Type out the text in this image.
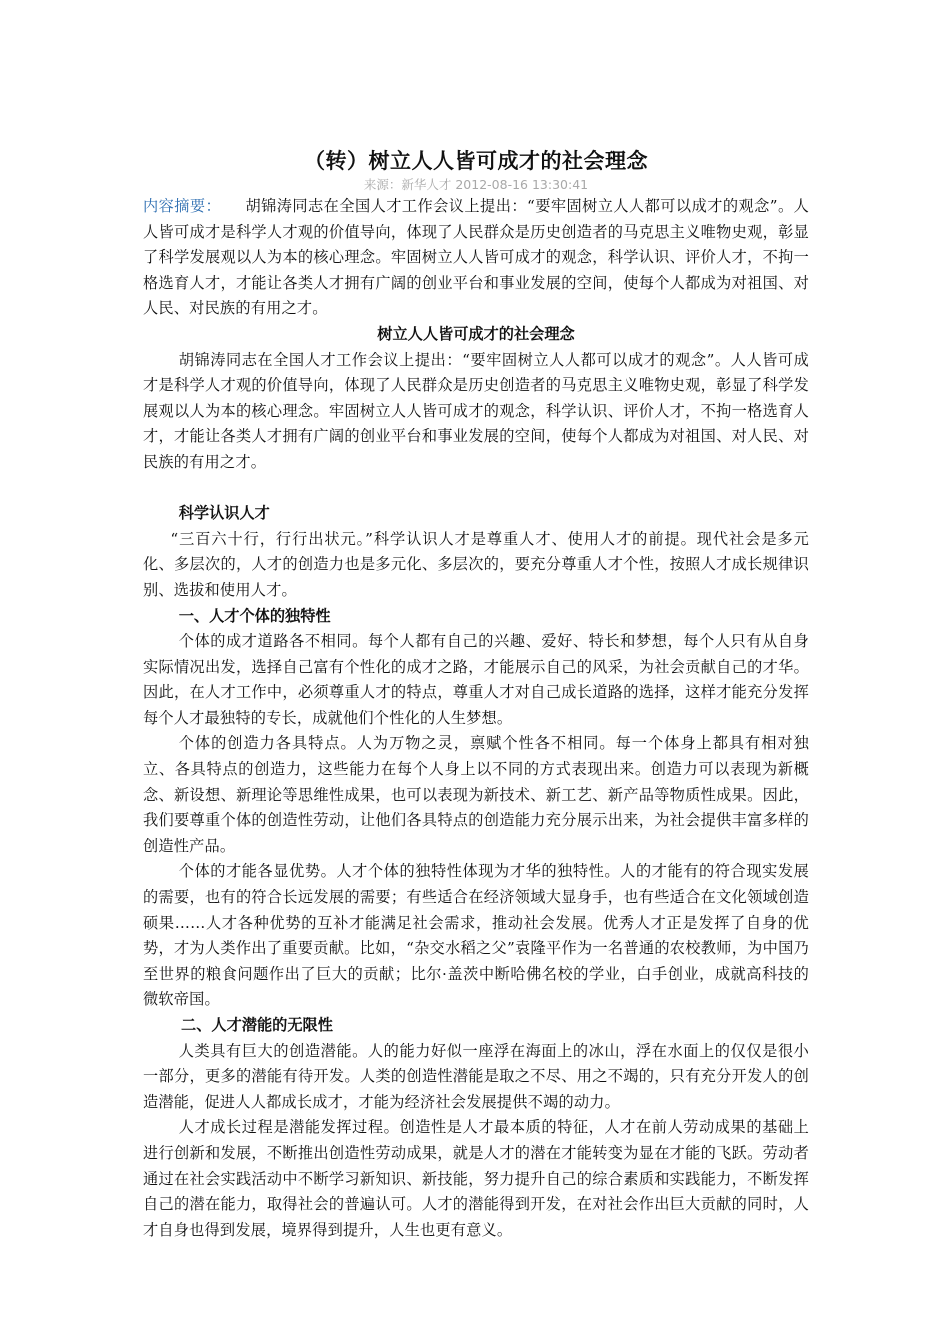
（转）树立人人皆可成才的社会理念

来源：新华人才 2012-08-16 13:30:41

内容摘要： 胡锦涛同志在全国人才工作会议上提出：“要牢固树立人人都可以成才的观念”。人人皆可成才是科学人才观的价值导向，体现了人民群众是历史创造者的马克思主义唯物史观，彰显了科学发展观以人为本的核心理念。牢固树立人人皆可成才的观念，科学认识、评价人才，不拘一格选育人才，才能让各类人才拥有广阔的创业平台和事业发展的空间，使每个人都成为对祖国、对人民、对民族的有用之才。

树立人人皆可成才的社会理念

胡锦涛同志在全国人才工作会议上提出：“要牢固树立人人都可以成才的观念”。人人皆可成才是科学人才观的价值导向，体现了人民群众是历史创造者的马克思主义唯物史观，彰显了科学发展观以人为本的核心理念。牢固树立人人皆可成才的观念，科学认识、评价人才，不拘一格选育人才，才能让各类人才拥有广阔的创业平台和事业发展的空间，使每个人都成为对祖国、对人民、对民族的有用之才。

科学认识人才

“三百六十行，行行出状元。”科学认识人才是尊重人才、使用人才的前提。现代社会是多元化、多层次的，人才的创造力也是多元化、多层次的，要充分尊重人才个性，按照人才成长规律识别、选拔和使用人才。

一、人才个体的独特性

个体的成才道路各不相同。每个人都有自己的兴趣、爱好、特长和梦想，每个人只有从自身实际情况出发，选择自己富有个性化的成才之路，才能展示自己的风采，为社会贡献自己的才华。因此，在人才工作中，必须尊重人才的特点，尊重人才对自己成长道路的选择，这样才能充分发挥每个人才最独特的专长，成就他们个性化的人生梦想。

个体的创造力各具特点。人为万物之灵，禀赋个性各不相同。每一个体身上都具有相对独立、各具特点的创造力，这些能力在每个人身上以不同的方式表现出来。创造力可以表现为新概念、新设想、新理论等思维性成果，也可以表现为新技术、新工艺、新产品等物质性成果。因此，我们要尊重个体的创造性劳动，让他们各具特点的创造能力充分展示出来，为社会提供丰富多样的创造性产品。

个体的才能各显优势。人才个体的独特性体现为才华的独特性。人的才能有的符合现实发展的需要，也有的符合长远发展的需要；有些适合在经济领域大显身手，也有些适合在文化领域创造硕果……人才各种优势的互补才能满足社会需求，推动社会发展。优秀人才正是发挥了自身的优势，才为人类作出了重要贡献。比如，“杂交水稻之父”袁隆平作为一名普通的农校教师，为中国乃至世界的粮食问题作出了巨大的贡献；比尔·盖茨中断哈佛名校的学业，白手创业，成就高科技的微软帝国。

二、人才潜能的无限性

人类具有巨大的创造潜能。人的能力好似一座浮在海面上的冰山，浮在水面上的仅仅是很小一部分，更多的潜能有待开发。人类的创造性潜能是取之不尽、用之不竭的，只有充分开发人的创造潜能，促进人人都成长成才，才能为经济社会发展提供不竭的动力。

人才成长过程是潜能发挥过程。创造性是人才最本质的特征，人才在前人劳动成果的基础上进行创新和发展，不断推出创造性劳动成果，就是人才的潜在才能转变为显在才能的飞跃。劳动者通过在社会实践活动中不断学习新知识、新技能，努力提升自己的综合素质和实践能力，不断发挥自己的潜在能力，取得社会的普遍认可。人才的潜能得到开发，在对社会作出巨大贡献的同时，人才自身也得到发展，境界得到提升，人生也更有意义。
